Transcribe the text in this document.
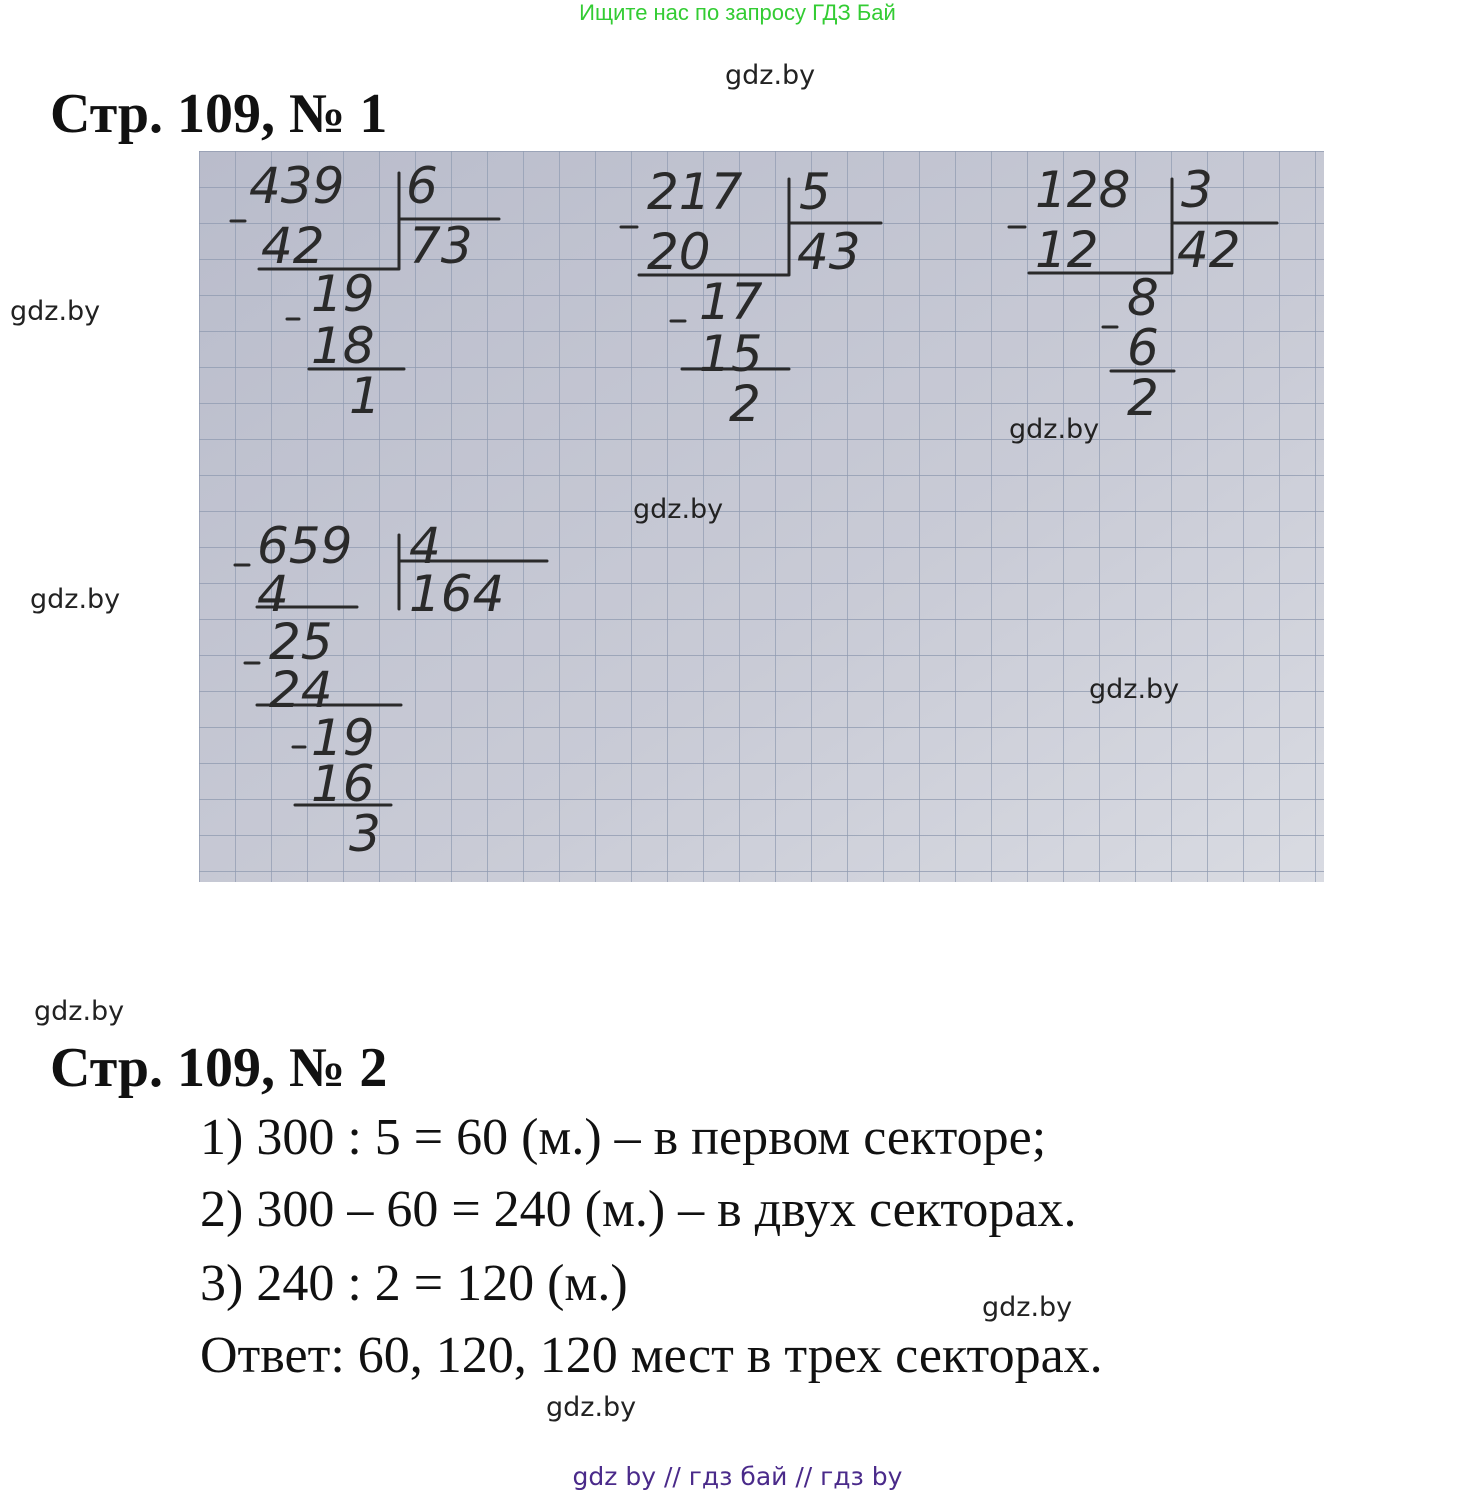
Ищите нас по запросу ГДЗ Бай
gdz.by
Стр. 109, № 1
gdz.by
gdz.by
439 6
73
42
19
18
1
217 5
43
20
17
15
2
128 3
42
12
8
6
2
gdz.by
gdz.by
659 4
164
4
25
24
19
16
3
gdz.by
gdz.by
Стр. 109, № 2
1) 300 : 5 = 60 (м.) – в первом секторе;
2) 300 – 60 = 240 (м.) – в двух секторах.
3) 240 : 2 = 120 (м.)	gdz.by
Ответ: 60, 120, 120 мест в трех секторах.
gdz.by
gdz by // гдз бай // гдз by
